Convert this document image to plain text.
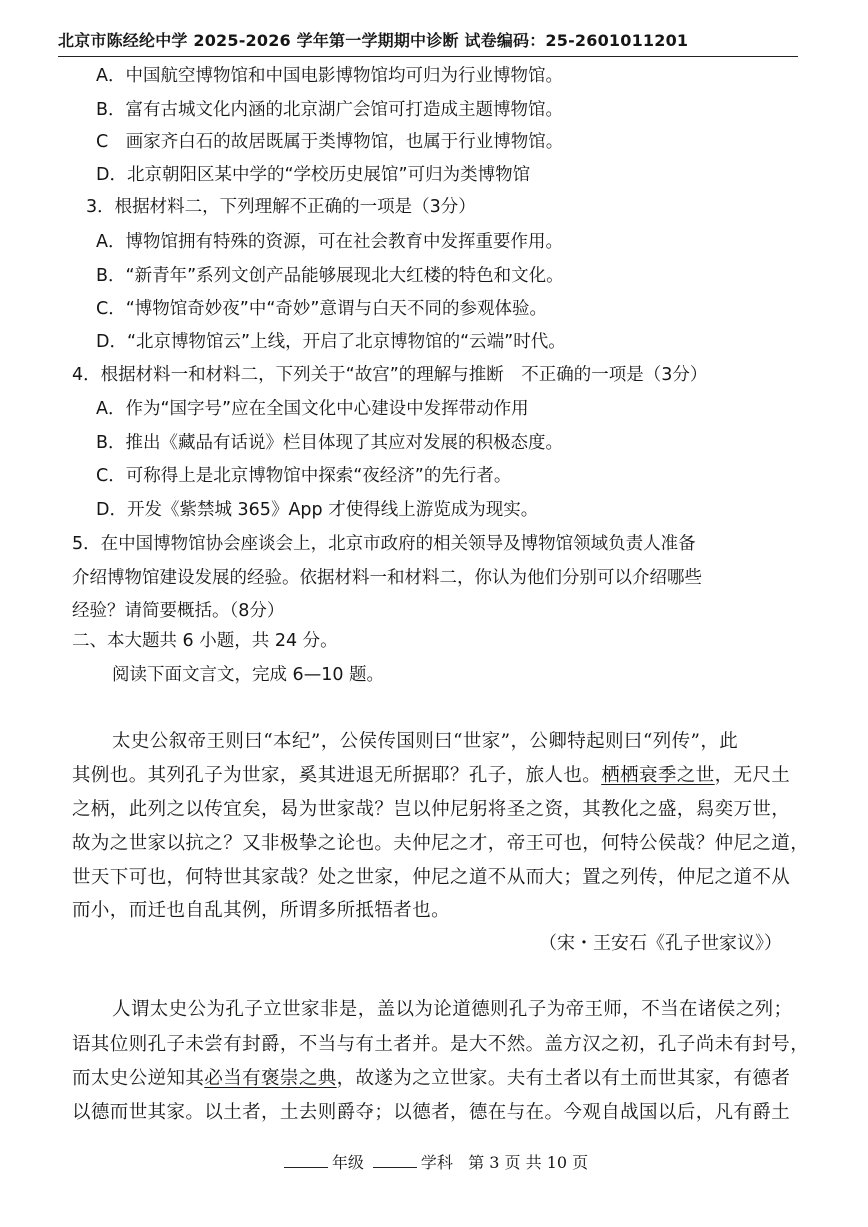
北京市陈经纶中学 2025-2026 学年第一学期期中诊断 试卷编码：25-2601011201
A．中国航空博物馆和中国电影博物馆均可归为行业博物馆。
B．富有古城文化内涵的北京湖广会馆可打造成主题博物馆。
C　画家齐白石的故居既属于类博物馆，也属于行业博物馆。
D．北京朝阳区某中学的“学校历史展馆”可归为类博物馆
3．根据材料二，下列理解不正确的一项是（3分）
A．博物馆拥有特殊的资源，可在社会教育中发挥重要作用。
B．“新青年”系列文创产品能够展现北大红楼的特色和文化。
C．“博物馆奇妙夜”中“奇妙”意谓与白天不同的参观体验。
D．“北京博物馆云”上线，开启了北京博物馆的“云端”时代。
4．根据材料一和材料二，下列关于“故宫”的理解与推断　不正确的一项是（3分）
A．作为“国字号”应在全国文化中心建设中发挥带动作用
B．推出《藏品有话说》栏目体现了其应对发展的积极态度。
C．可称得上是北京博物馆中探索“夜经济”的先行者。
D．开发《紫禁城 365》App 才使得线上游览成为现实。
5．在中国博物馆协会座谈会上，北京市政府的相关领导及博物馆领域负责人准备
介绍博物馆建设发展的经验。依据材料一和材料二，你认为他们分别可以介绍哪些
经验？请简要概括。（8分）
二、本大题共 6 小题，共 24 分。
阅读下面文言文，完成 6—10 题。
太史公叙帝王则曰“本纪”，公侯传国则曰“世家”，公卿特起则曰“列传”，此
其例也。其列孔子为世家，奚其进退无所据耶？孔子，旅人也。栖栖衰季之世，无尺土
之柄，此列之以传宜矣，曷为世家哉？岂以仲尼躬将圣之资，其教化之盛，舄奕万世，
故为之世家以抗之？又非极挚之论也。夫仲尼之才，帝王可也，何特公侯哉？仲尼之道，
世天下可也，何特世其家哉？处之世家，仲尼之道不从而大；置之列传，仲尼之道不从
而小，而迁也自乱其例，所谓多所抵牾者也。
（宋・王安石《孔子世家议》）
人谓太史公为孔子立世家非是，盖以为论道德则孔子为帝王师，不当在诸侯之列；
语其位则孔子未尝有封爵，不当与有土者并。是大不然。盖方汉之初，孔子尚未有封号，
而太史公逆知其必当有褒崇之典，故遂为之立世家。夫有土者以有土而世其家，有德者
以德而世其家。以土者，土去则爵夺；以德者，德在与在。今观自战国以后，凡有爵土
年级	学科 第 3 页 共 10 页
